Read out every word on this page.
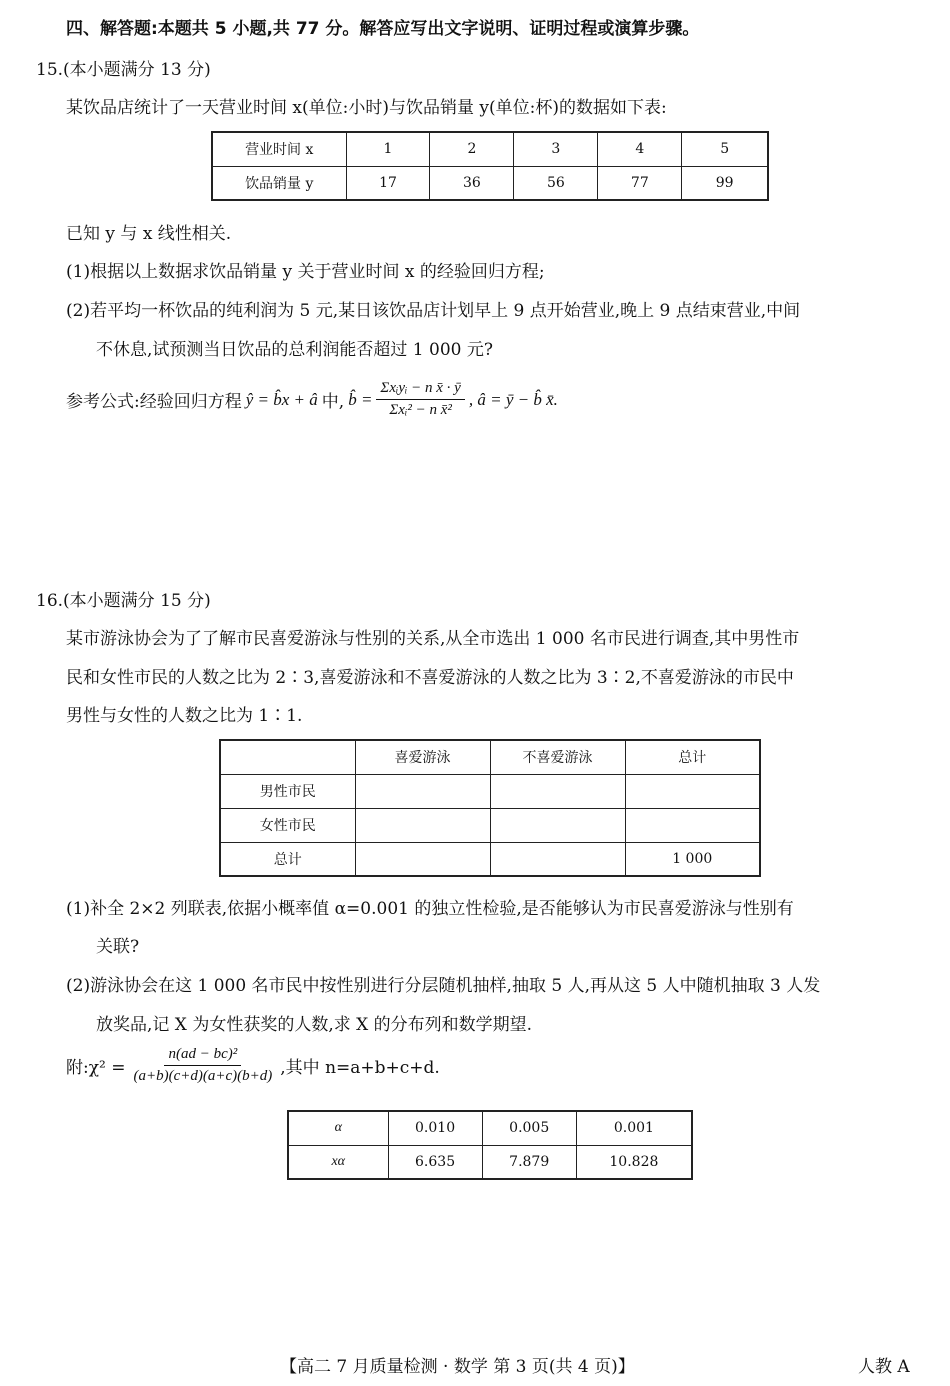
四、解答题:本题共 5 小题,共 77 分。解答应写出文字说明、证明过程或演算步骤。
15.(本小题满分 13 分)
某饮品店统计了一天营业时间 x(单位:小时)与饮品销量 y(单位:杯)的数据如下表:
营业时间 x	1	2	3	4	5
饮品销量 y	17	36	56	77	99
已知 y 与 x 线性相关.
(1)根据以上数据求饮品销量 y 关于营业时间 x 的经验回归方程;
(2)若平均一杯饮品的纯利润为 5 元,某日该饮品店计划早上 9 点开始营业,晚上 9 点结束营业,中间
不休息,试预测当日饮品的总利润能否超过 1 000 元?
参考公式:经验回归方程 ŷ = b̂x + â 中, b̂ = $\frac{\text{Σxᵢyᵢ − n x̄ · ȳ}}{\text{Σxᵢ² − n x̄²}}$ , â = ȳ − b̂ x̄.
16.(本小题满分 15 分)
某市游泳协会为了了解市民喜爱游泳与性别的关系,从全市选出 1 000 名市民进行调查,其中男性市
民和女性市民的人数之比为 2∶3,喜爱游泳和不喜爱游泳的人数之比为 3∶2,不喜爱游泳的市民中
男性与女性的人数之比为 1∶1.
	喜爱游泳	不喜爱游泳	总计
男性市民			
女性市民			
总计			1 000
(1)补全 2×2 列联表,依据小概率值 α=0.001 的独立性检验,是否能够认为市民喜爱游泳与性别有
关联?
(2)游泳协会在这 1 000 名市民中按性别进行分层随机抽样,抽取 5 人,再从这 5 人中随机抽取 3 人发
放奖品,记 X 为女性获奖的人数,求 X 的分布列和数学期望.
附:χ² = $\frac{\text{n(ad − bc)²}}{(a+b)(c+d)(a+c)(b+d)}$ ,其中 n=a+b+c+d.
α	0.010	0.005	0.001
xα	6.635	7.879	10.828
【高二 7 月质量检测 · 数学 第 3 页(共 4 页)】	人教 A
